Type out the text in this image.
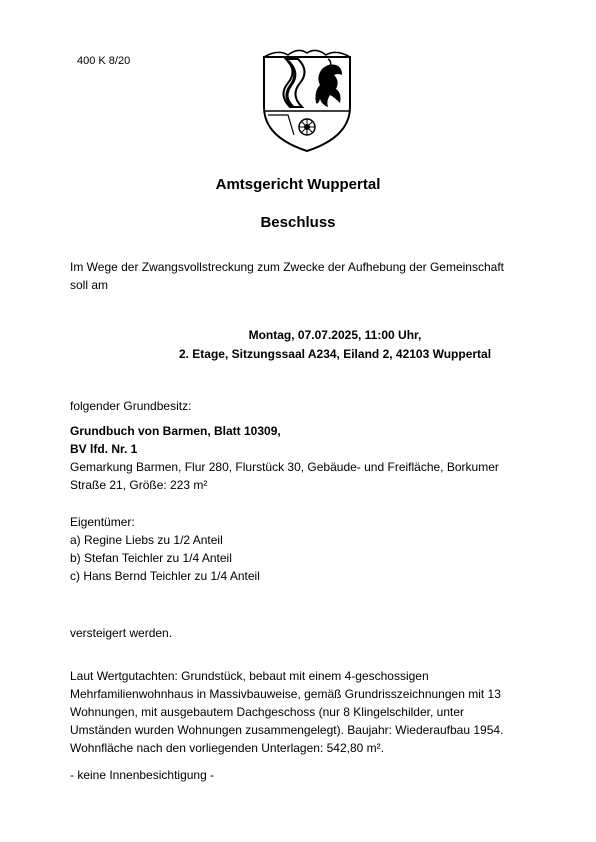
400 K 8/20
Amtsgericht Wuppertal
Beschluss
Im Wege der Zwangsvollstreckung zum Zwecke der Aufhebung der Gemeinschaft
soll am
Montag, 07.07.2025, 11:00 Uhr,
2. Etage, Sitzungssaal A234, Eiland 2, 42103 Wuppertal
folgender Grundbesitz:
Grundbuch von Barmen, Blatt 10309,
BV lfd. Nr. 1
Gemarkung Barmen, Flur 280, Flurstück 30, Gebäude- und Freifläche, Borkumer
Straße 21, Größe: 223 m²
Eigentümer:
a) Regine Liebs zu 1/2 Anteil
b) Stefan Teichler zu 1/4 Anteil
c) Hans Bernd Teichler zu 1/4 Anteil
versteigert werden.
Laut Wertgutachten: Grundstück, bebaut mit einem 4-geschossigen
Mehrfamilienwohnhaus in Massivbauweise, gemäß Grundrisszeichnungen mit 13
Wohnungen, mit ausgebautem Dachgeschoss (nur 8 Klingelschilder, unter
Umständen wurden Wohnungen zusammengelegt). Baujahr: Wiederaufbau 1954.
Wohnfläche nach den vorliegenden Unterlagen: 542,80 m².
- keine Innenbesichtigung -
